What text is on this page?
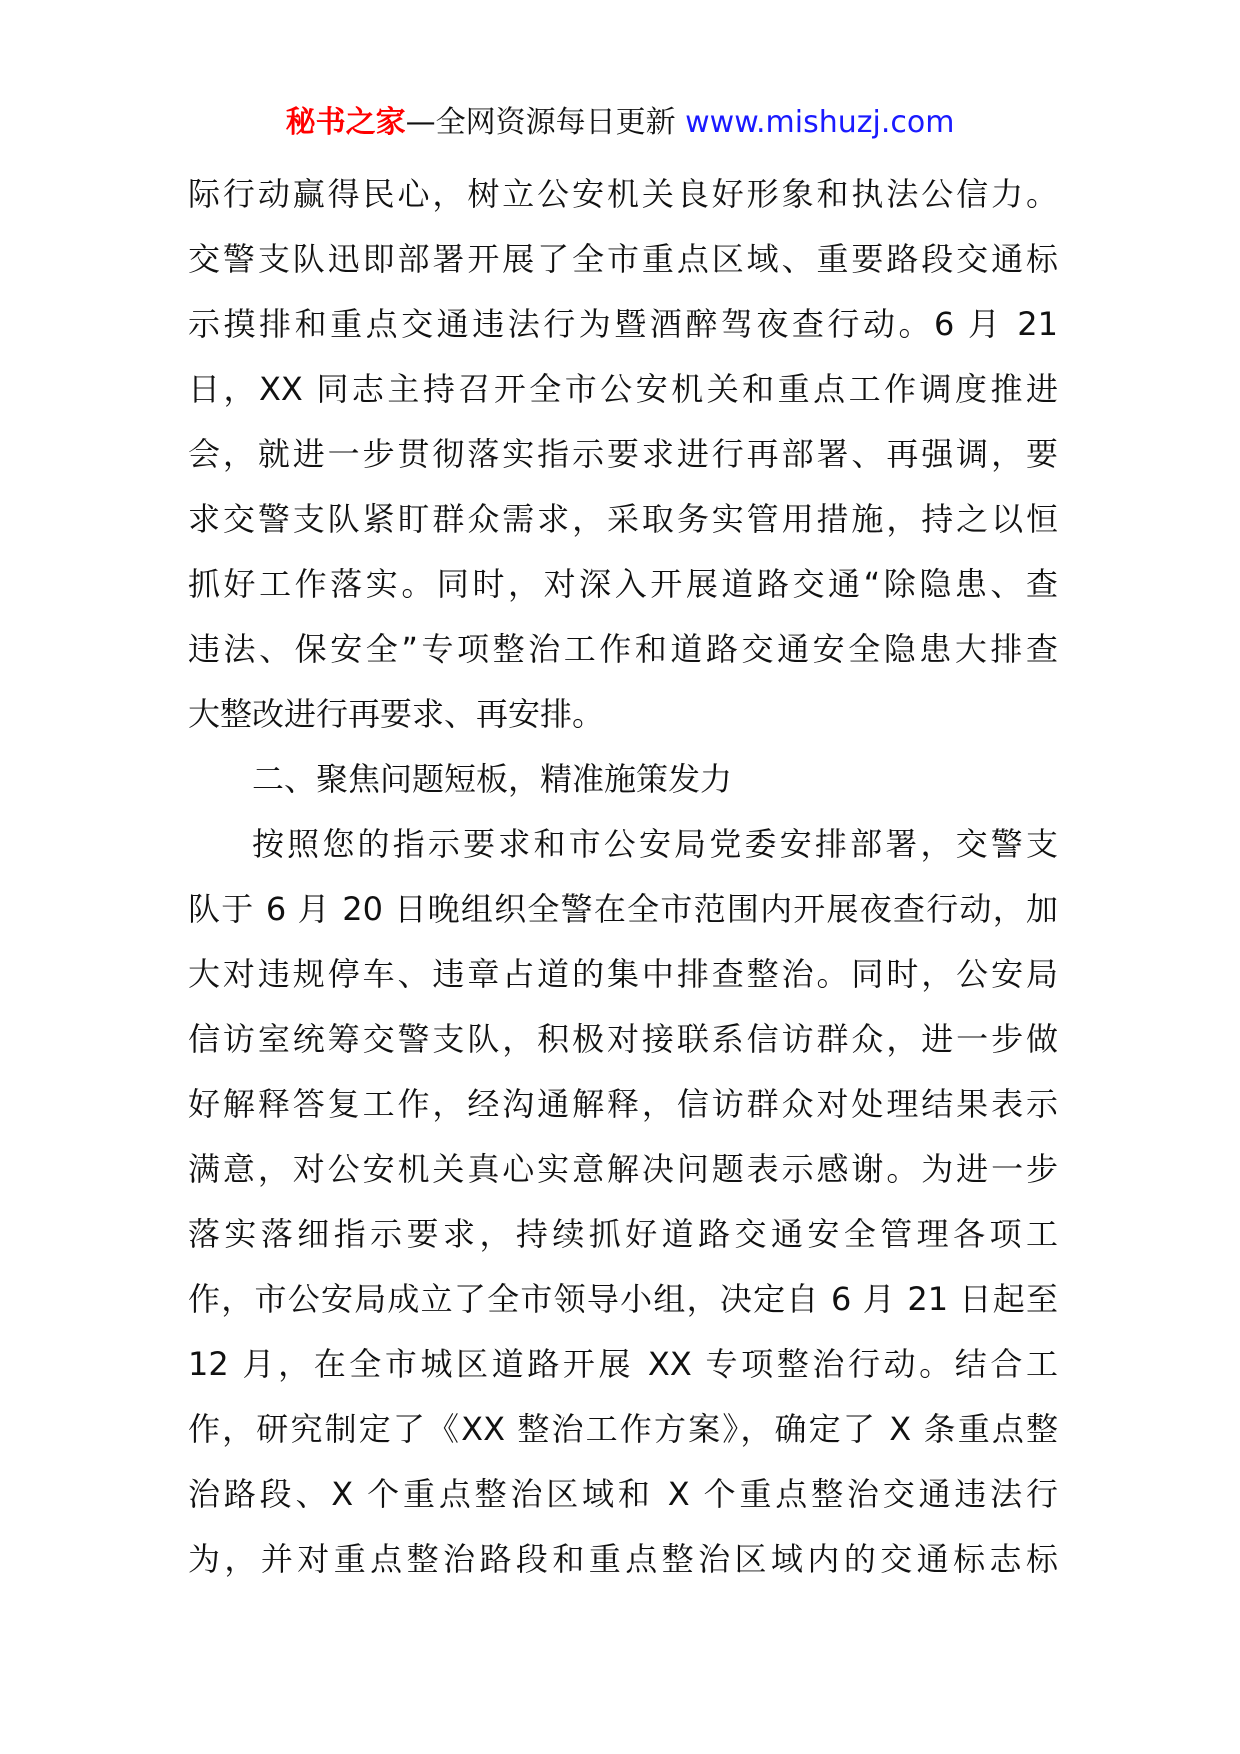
秘书之家—全网资源每日更新 www.mishuzj.com
际行动赢得民心，树立公安机关良好形象和执法公信力。
交警支队迅即部署开展了全市重点区域、重要路段交通标
示摸排和重点交通违法行为暨酒醉驾夜查行动。6 月 21
日，XX 同志主持召开全市公安机关和重点工作调度推进
会，就进一步贯彻落实指示要求进行再部署、再强调，要
求交警支队紧盯群众需求，采取务实管用措施，持之以恒
抓好工作落实。同时，对深入开展道路交通“除隐患、查
违法、保安全”专项整治工作和道路交通安全隐患大排查
大整改进行再要求、再安排。
二、聚焦问题短板，精准施策发力
按照您的指示要求和市公安局党委安排部署，交警支
队于 6 月 20 日晚组织全警在全市范围内开展夜查行动，加
大对违规停车、违章占道的集中排查整治。同时，公安局
信访室统筹交警支队，积极对接联系信访群众，进一步做
好解释答复工作，经沟通解释，信访群众对处理结果表示
满意，对公安机关真心实意解决问题表示感谢。为进一步
落实落细指示要求，持续抓好道路交通安全管理各项工
作，市公安局成立了全市领导小组，决定自 6 月 21 日起至
12 月，在全市城区道路开展 XX 专项整治行动。结合工
作，研究制定了《XX 整治工作方案》，确定了 X 条重点整
治路段、X 个重点整治区域和 X 个重点整治交通违法行
为，并对重点整治路段和重点整治区域内的交通标志标
